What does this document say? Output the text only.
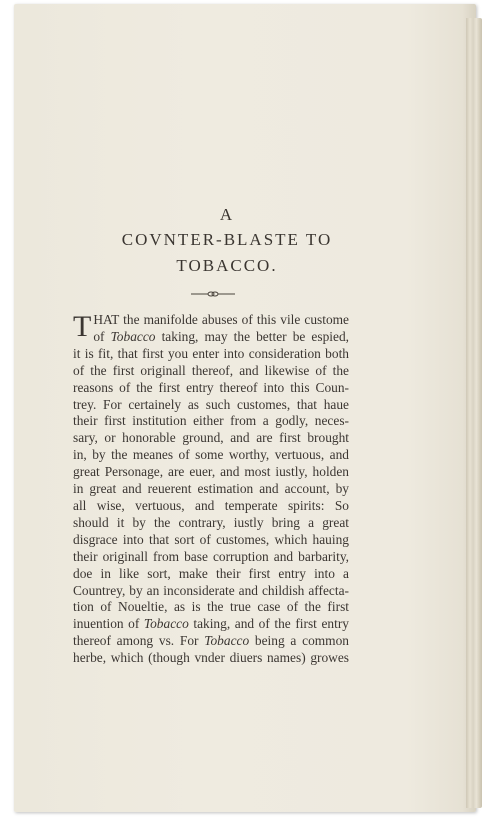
A
COVNTER-BLASTE TO
TOBACCO.
T HAT the manifolde abuses of this vile custome
of Tobacco taking, may the better be espied,
it is fit, that first you enter into consideration both
of the first originall thereof, and likewise of the
reasons of the first entry thereof into this Coun-
trey. For certainely as such customes, that haue
their first institution either from a godly, neces-
sary, or honorable ground, and are first brought
in, by the meanes of some worthy, vertuous, and
great Personage, are euer, and most iustly, holden
in great and reuerent estimation and account, by
all wise, vertuous, and temperate spirits: So
should it by the contrary, iustly bring a great
disgrace into that sort of customes, which hauing
their originall from base corruption and barbarity,
doe in like sort, make their first entry into a
Countrey, by an inconsiderate and childish affecta-
tion of Noueltie, as is the true case of the first
inuention of Tobacco taking, and of the first entry
thereof among vs. For Tobacco being a common
herbe, which (though vnder diuers names) growes
